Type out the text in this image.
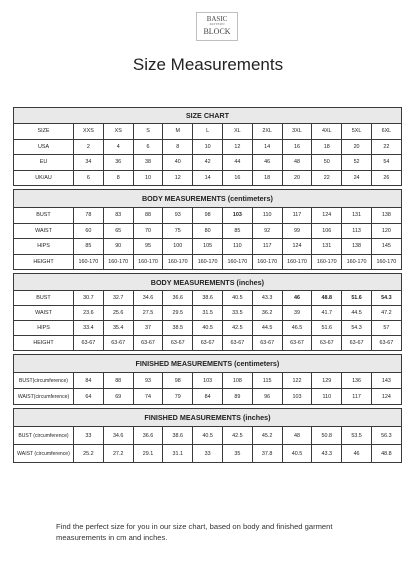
BASIC
PATTERN
BLOCK
Size Measurements
SIZE CHART											
SIZE	XXS	XS	S	M	L	XL	2XL	3XL	4XL	5XL	6XL
USA	2	4	6	8	10	12	14	16	18	20	22
EU	34	36	38	40	42	44	46	48	50	52	54
UK/AU	6	8	10	12	14	16	18	20	22	24	26

BODY MEASUREMENTS (centimeters)											
BUST	78	83	88	93	98	103	110	117	124	131	138
WAIST	60	65	70	75	80	85	92	99	106	113	120
HIPS	85	90	95	100	105	110	117	124	131	138	145
HEIGHT	160-170	160-170	160-170	160-170	160-170	160-170	160-170	160-170	160-170	160-170	160-170

BODY MEASUREMENTS (inches)											
BUST	30.7	32.7	34.6	36.6	38.6	40.5	43.3	46	48.8	51.6	54.3
WAIST	23.6	25.6	27.5	29.5	31.5	33.5	36.2	39	41.7	44.5	47.2
HIPS	33.4	35.4	37	38.5	40.5	42.5	44.5	46.5	51.6	54.3	57
HEIGHT	63-67	63-67	63-67	63-67	63-67	63-67	63-67	63-67	63-67	63-67	63-67

FINISHED MEASUREMENTS (centimeters)											
BUST(circumference)	84	88	93	98	103	108	115	122	129	136	143
WAIST(circumference)	64	69	74	79	84	89	96	103	110	117	124

FINISHED MEASUREMENTS (inches)											
BUST (circumference)	33	34.6	36.6	38.6	40.5	42.5	45.2	48	50.8	53.5	56.3
WAIST (circumference)	25.2	27.2	29.1	31.1	33	35	37.8	40.5	43.3	46	48.8
Find the perfect size for you in our size chart, based on body and finished garment measurements in cm and inches.
